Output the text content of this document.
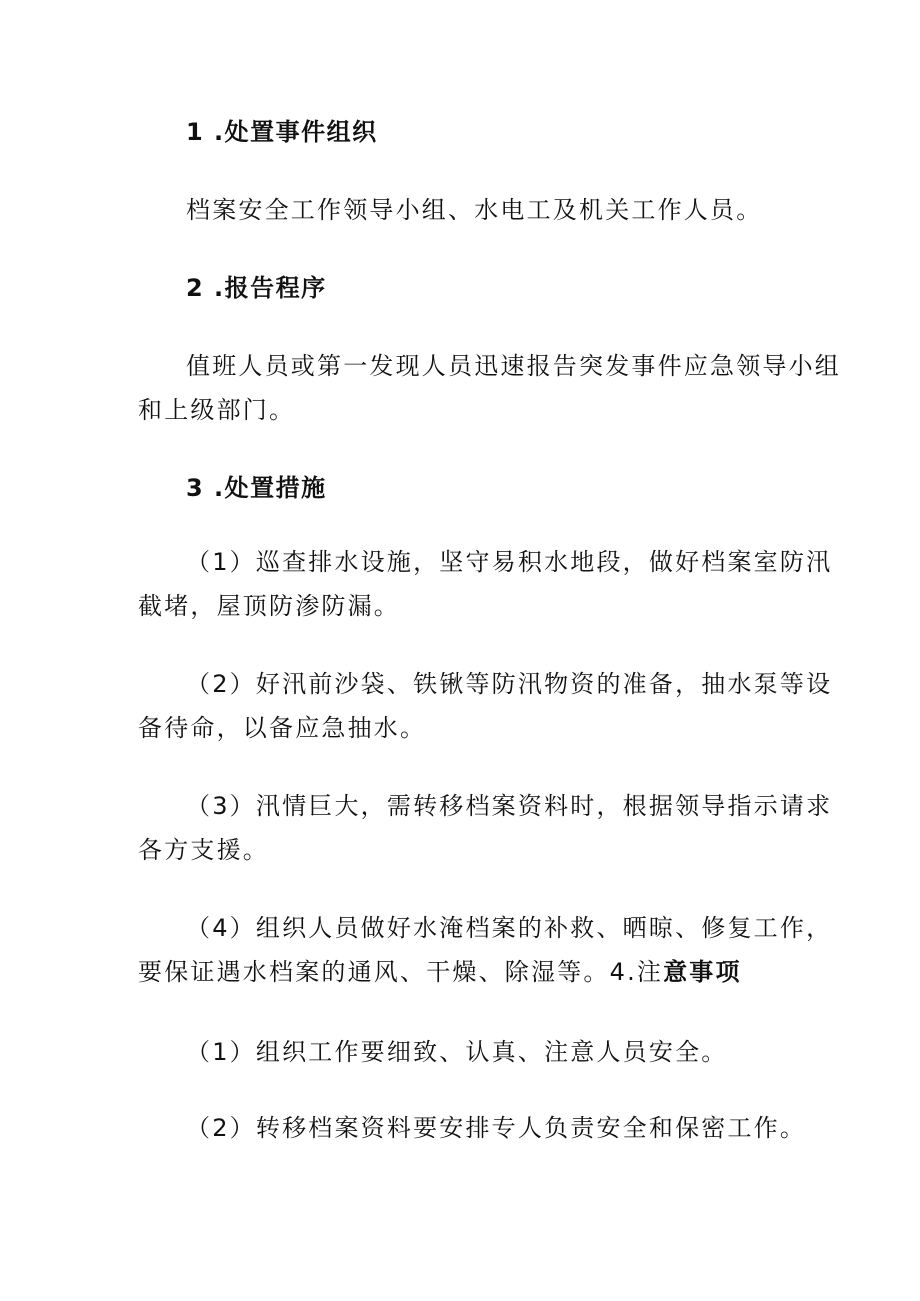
1 .处置事件组织
档案安全工作领导小组、水电工及机关工作人员。
2 .报告程序
值班人员或第一发现人员迅速报告突发事件应急领导小组
和上级部门。
3 .处置措施
（1）巡查排水设施，坚守易积水地段，做好档案室防汛
截堵，屋顶防渗防漏。
（2）好汛前沙袋、铁锹等防汛物资的准备，抽水泵等设
备待命，以备应急抽水。
（3）汛情巨大，需转移档案资料时，根据领导指示请求
各方支援。
（4）组织人员做好水淹档案的补救、晒晾、修复工作，
要保证遇水档案的通风、干燥、除湿等。4.注意事项
（1）组织工作要细致、认真、注意人员安全。
（2）转移档案资料要安排专人负责安全和保密工作。
